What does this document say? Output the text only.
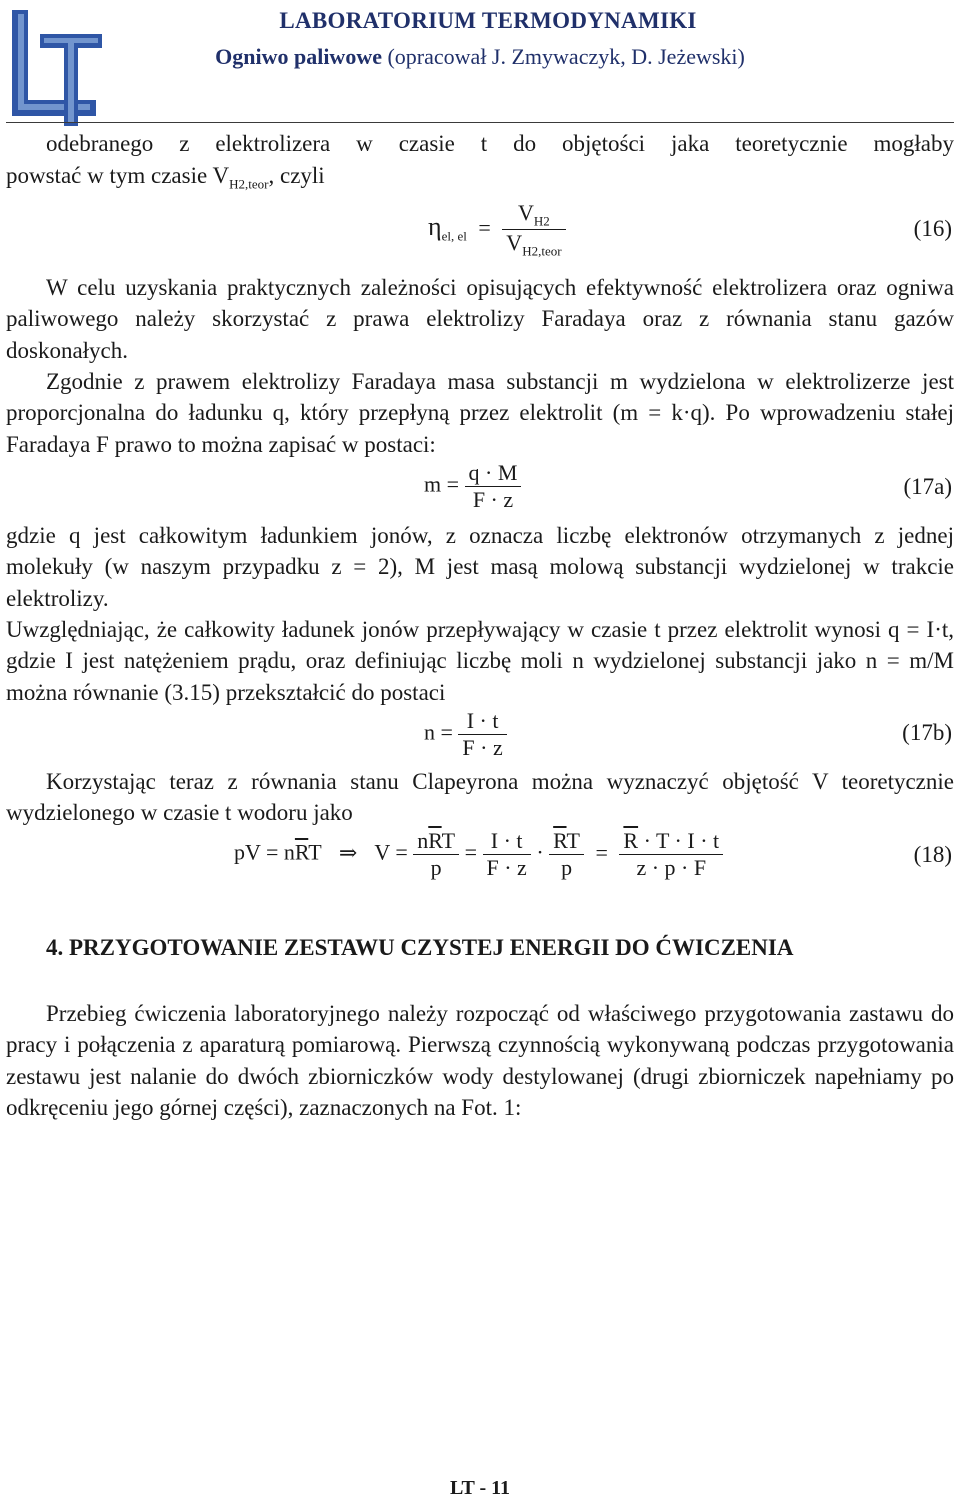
LABORATORIUM TERMODYNAMIKI
Ogniwo paliwowe (opracował J. Zmywaczyk, D. Jeżewski)
odebranego z elektrolizera w czasie t do objętości jaka teoretycznie mogłaby
powstać w tym czasie $V_{H2,teor}$, czyli
$\eta_{el, el} = \frac{V_{H2}}{V_{H2,teor}}$	(16)
W celu uzyskania praktycznych zależności opisujących efektywność elektrolizera oraz ogniwa paliwowego należy skorzystać z prawa elektrolizy Faradaya oraz z równania stanu gazów doskonałych.
Zgodnie z prawem elektrolizy Faradaya masa substancji m wydzielona w elektrolizerze jest proporcjonalna do ładunku q, który przepłyną przez elektrolit (m = k·q). Po wprowadzeniu stałej Faradaya F prawo to można zapisać w postaci:
$m = \frac{q \cdot M}{F \cdot z}$	(17a)
gdzie q jest całkowitym ładunkiem jonów, z oznacza liczbę elektronów otrzymanych z jednej molekuły (w naszym przypadku z = 2), M jest masą molową substancji wydzielonej w trakcie elektrolizy.
Uwzględniając, że całkowity ładunek jonów przepływający w czasie t przez elektrolit wynosi q = I·t, gdzie I jest natężeniem prądu, oraz definiując liczbę moli n wydzielonej substancji jako n = m/M można równanie (3.15) przekształcić do postaci
$n = \frac{I \cdot t}{F \cdot z}$	(17b)
Korzystając teraz z równania stanu Clapeyrona można wyznaczyć objętość V teoretycznie wydzielonego w czasie t wodoru jako
pV = $n\overline{R}T$ ⇒ $V = \frac{n\overline{R}T}{p} = \frac{I \cdot t}{F \cdot z} \cdot \frac{\overline{R}T}{p} = \frac{\overline{R} \cdot T \cdot I \cdot t}{z \cdot p \cdot F}$	(18)
4. PRZYGOTOWANIE ZESTAWU CZYSTEJ ENERGII DO ĆWICZENIA
Przebieg ćwiczenia laboratoryjnego należy rozpocząć od właściwego przygotowania zastawu do pracy i połączenia z aparaturą pomiarową. Pierwszą czynnością wykonywaną podczas przygotowania zestawu jest nalanie do dwóch zbiorniczków wody destylowanej (drugi zbiorniczek napełniamy po odkręceniu jego górnej części), zaznaczonych na Fot. 1:
LT - 11
